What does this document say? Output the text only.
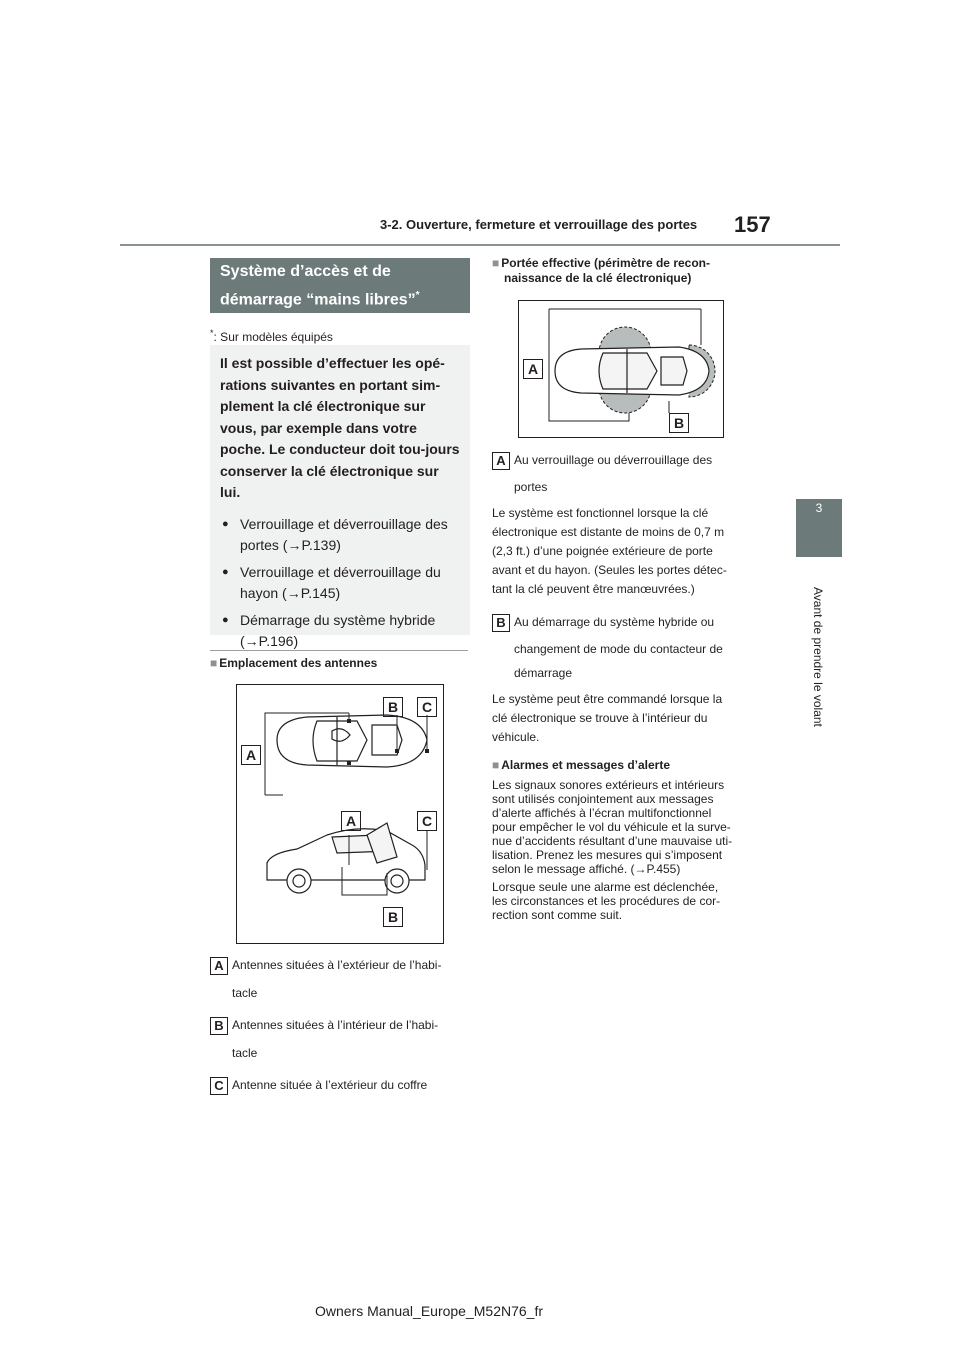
3-2. Ouverture, fermeture et verrouillage des portes 157
3
Avant de prendre le volant
Système d’accès et de
démarrage “mains libres”*
*: Sur modèles équipés

Il est possible d’effectuer les opé-rations suivantes en portant sim-plement la clé électronique sur vous, par exemple dans votre poche. Le conducteur doit tou-jours conserver la clé électronique sur lui.

● Verrouillage et déverrouillage des portes (→P.139)
● Verrouillage et déverrouillage du hayon (→P.145)
● Démarrage du système hybride (→P.196)
■ Emplacement des antennes
A
B	C
A	C
B
A Antennes situées à l’extérieur de l’habi-
tacle
B Antennes situées à l’intérieur de l’habi-
tacle
C Antenne située à l’extérieur du coffre
■ Portée effective (périmètre de recon-
naissance de la clé électronique)
A
B
A Au verrouillage ou déverrouillage des
portes
Le système est fonctionnel lorsque la clé
électronique est distante de moins de 0,7 m
(2,3 ft.) d’une poignée extérieure de porte
avant et du hayon. (Seules les portes détec-
tant la clé peuvent être manœuvrées.)
B Au démarrage du système hybride ou
changement de mode du contacteur de
démarrage
Le système peut être commandé lorsque la
clé électronique se trouve à l’intérieur du
véhicule.
■ Alarmes et messages d’alerte
Les signaux sonores extérieurs et intérieurs
sont utilisés conjointement aux messages
d’alerte affichés à l’écran multifonctionnel
pour empêcher le vol du véhicule et la surve-
nue d’accidents résultant d’une mauvaise uti-
lisation. Prenez les mesures qui s’imposent
selon le message affiché. (→P.455)
Lorsque seule une alarme est déclenchée,
les circonstances et les procédures de cor-
rection sont comme suit.
Owners Manual_Europe_M52N76_fr
